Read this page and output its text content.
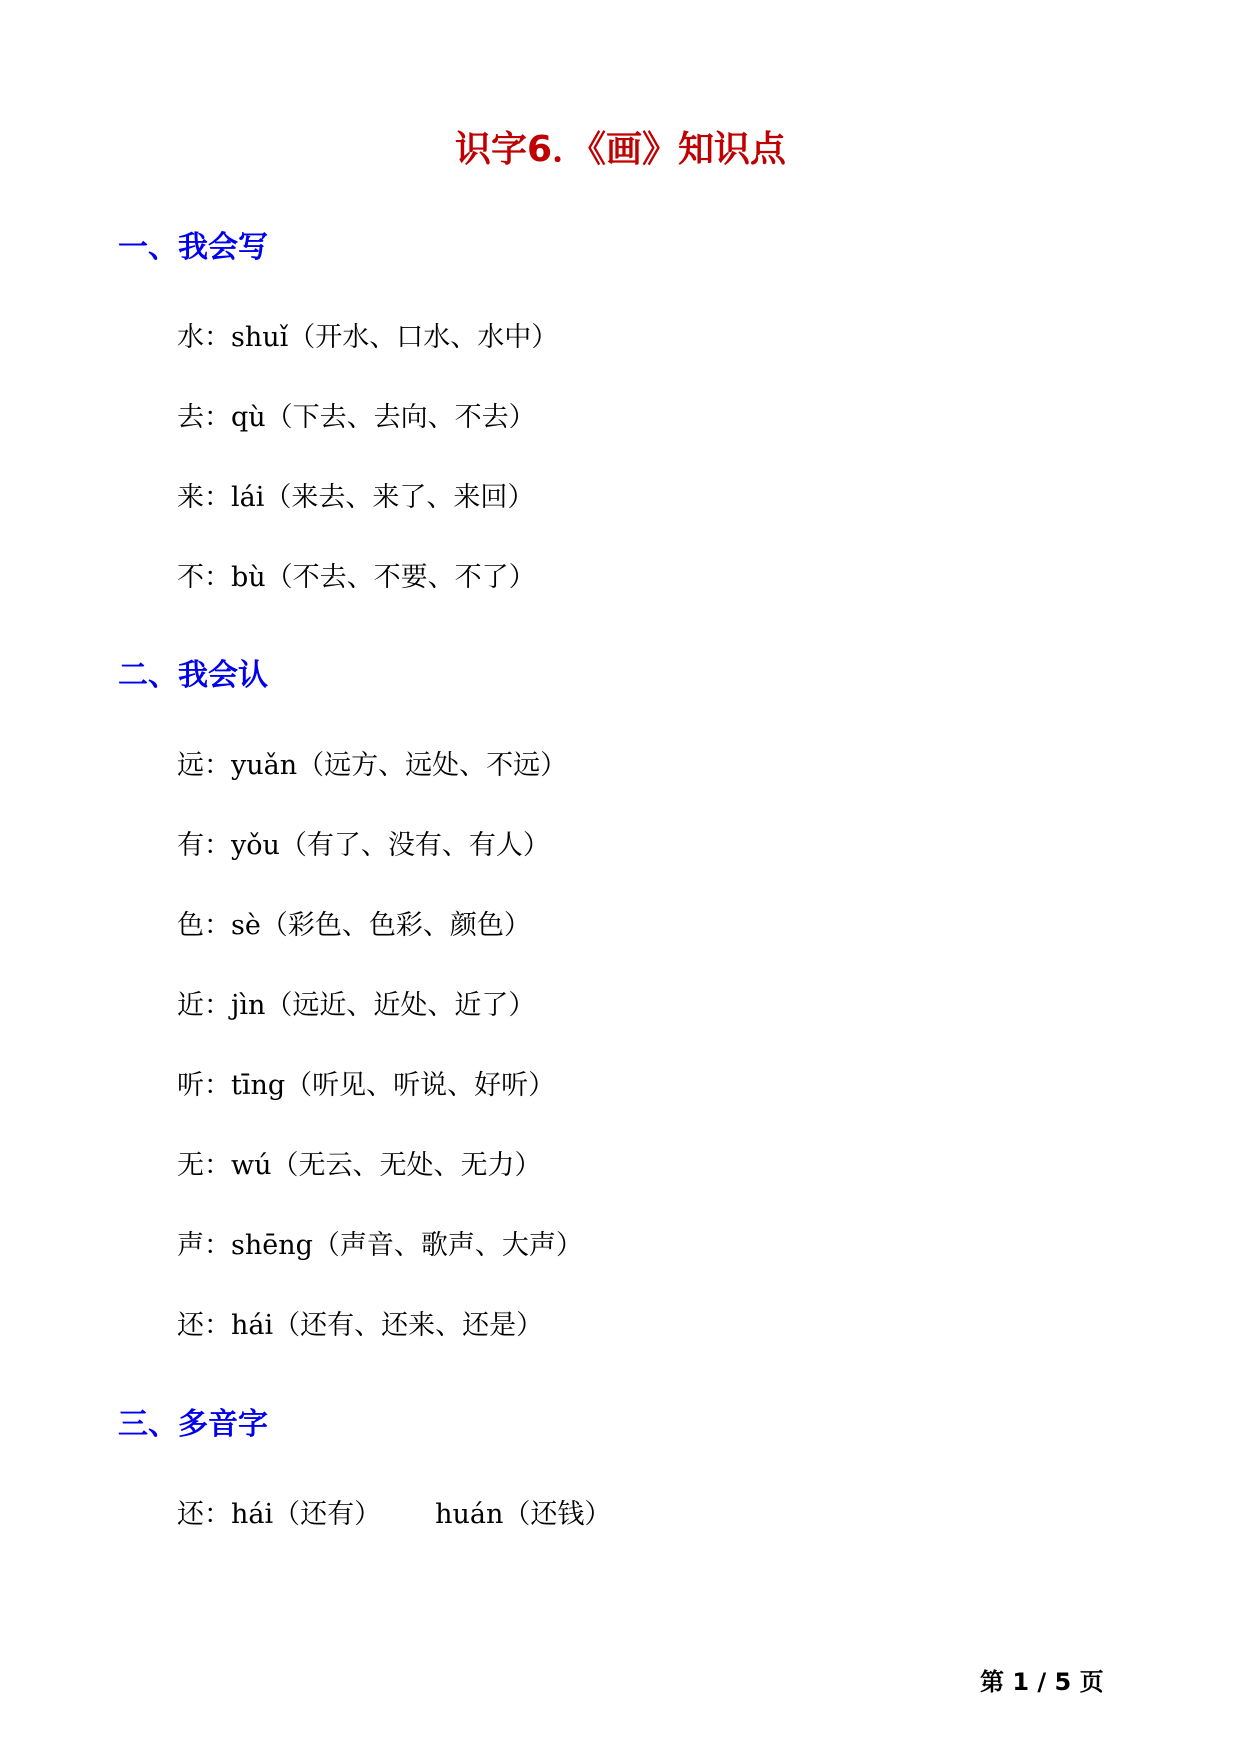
识字6．《画》知识点
一、我会写
水：shuǐ（开水、口水、水中）
去：qù（下去、去向、不去）
来：lái（来去、来了、来回）
不：bù（不去、不要、不了）
二、我会认
远：yuǎn（远方、远处、不远）
有：yǒu（有了、没有、有人）
色：sè（彩色、色彩、颜色）
近：jìn（远近、近处、近了）
听：tīng（听见、听说、好听）
无：wú（无云、无处、无力）
声：shēng（声音、歌声、大声）
还：hái（还有、还来、还是）
三、多音字
还：hái（还有） huán（还钱）
第 1 / 5 页
